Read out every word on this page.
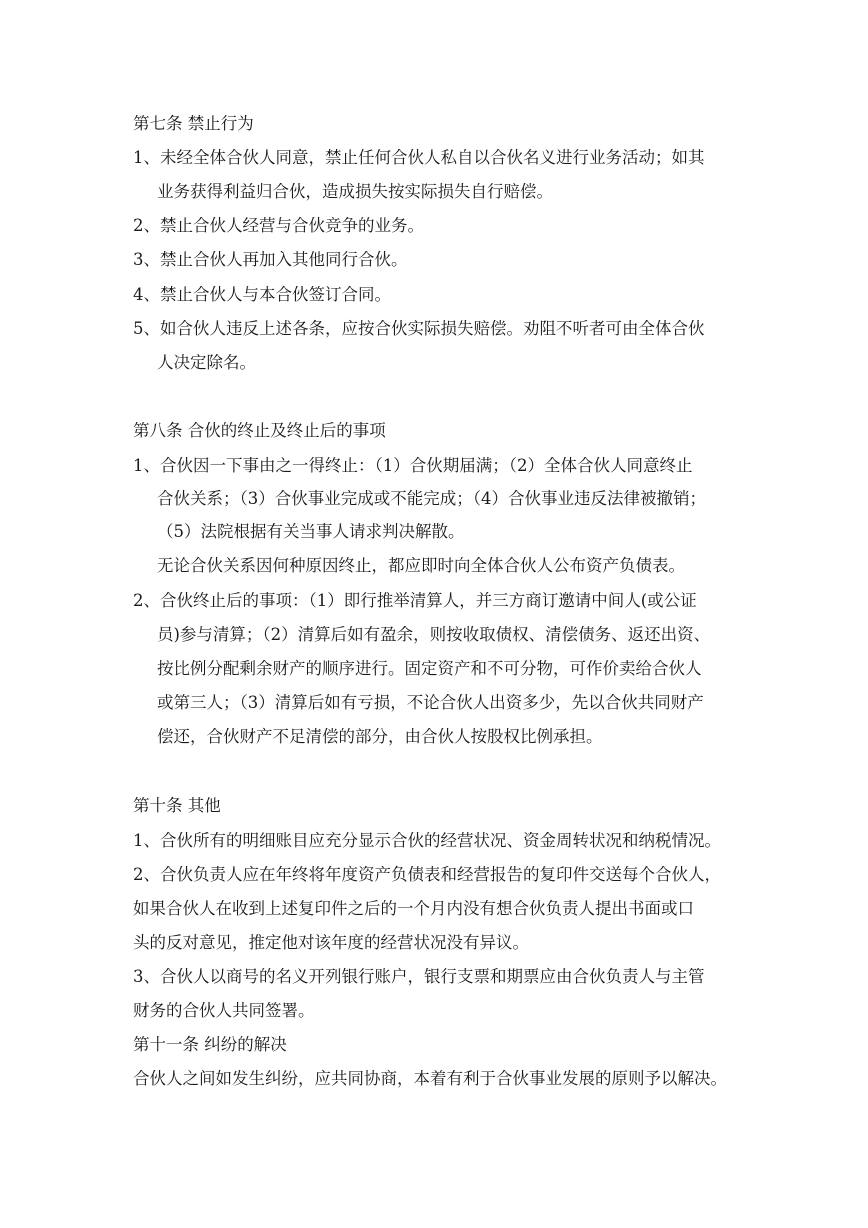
第七条 禁止行为
1、未经全体合伙人同意，禁止任何合伙人私自以合伙名义进行业务活动；如其
业务获得利益归合伙，造成损失按实际损失自行赔偿。
2、禁止合伙人经营与合伙竞争的业务。
3、禁止合伙人再加入其他同行合伙。
4、禁止合伙人与本合伙签订合同。
5、如合伙人违反上述各条，应按合伙实际损失赔偿。劝阻不听者可由全体合伙
人决定除名。
第八条 合伙的终止及终止后的事项
1、合伙因一下事由之一得终止：（1）合伙期届满；（2）全体合伙人同意终止
合伙关系；（3）合伙事业完成或不能完成；（4）合伙事业违反法律被撤销；
（5）法院根据有关当事人请求判决解散。
无论合伙关系因何种原因终止，都应即时向全体合伙人公布资产负债表。
2、合伙终止后的事项：（1）即行推举清算人，并三方商订邀请中间人(或公证
员)参与清算；（2）清算后如有盈余，则按收取债权、清偿债务、返还出资、
按比例分配剩余财产的顺序进行。固定资产和不可分物，可作价卖给合伙人
或第三人；（3）清算后如有亏损，不论合伙人出资多少，先以合伙共同财产
偿还，合伙财产不足清偿的部分，由合伙人按股权比例承担。
第十条 其他
1、合伙所有的明细账目应充分显示合伙的经营状况、资金周转状况和纳税情况。
2、合伙负责人应在年终将年度资产负债表和经营报告的复印件交送每个合伙人，
如果合伙人在收到上述复印件之后的一个月内没有想合伙负责人提出书面或口
头的反对意见，推定他对该年度的经营状况没有异议。
3、合伙人以商号的名义开列银行账户，银行支票和期票应由合伙负责人与主管
财务的合伙人共同签署。
第十一条 纠纷的解决
合伙人之间如发生纠纷，应共同协商，本着有利于合伙事业发展的原则予以解决。
